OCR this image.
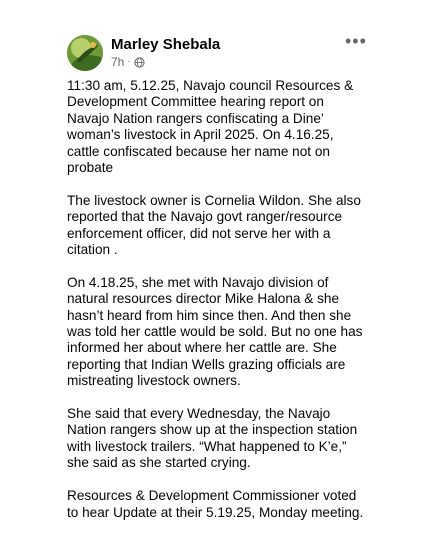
Marley Shebala
7h ·
•••

11:30 am, 5.12.25, Navajo council Resources & Development Committee hearing report on Navajo Nation rangers confiscating a Dine’ woman’s livestock in April 2025. On 4.16.25, cattle confiscated because her name not on probate

The livestock owner is Cornelia Wildon. She also reported that the Navajo govt ranger/resource enforcement officer, did not serve her with a citation .

On 4.18.25, she met with Navajo division of natural resources director Mike Halona & she hasn’t heard from him since then. And then she was told her cattle would be sold. But no one has informed her about where her cattle are. She reporting that Indian Wells grazing officials are mistreating livestock owners.

She said that every Wednesday, the Navajo Nation rangers show up at the inspection station with livestock trailers. “What happened to K’e,” she said as she started crying.

Resources & Development Commissioner voted to hear Update at their 5.19.25, Monday meeting.
